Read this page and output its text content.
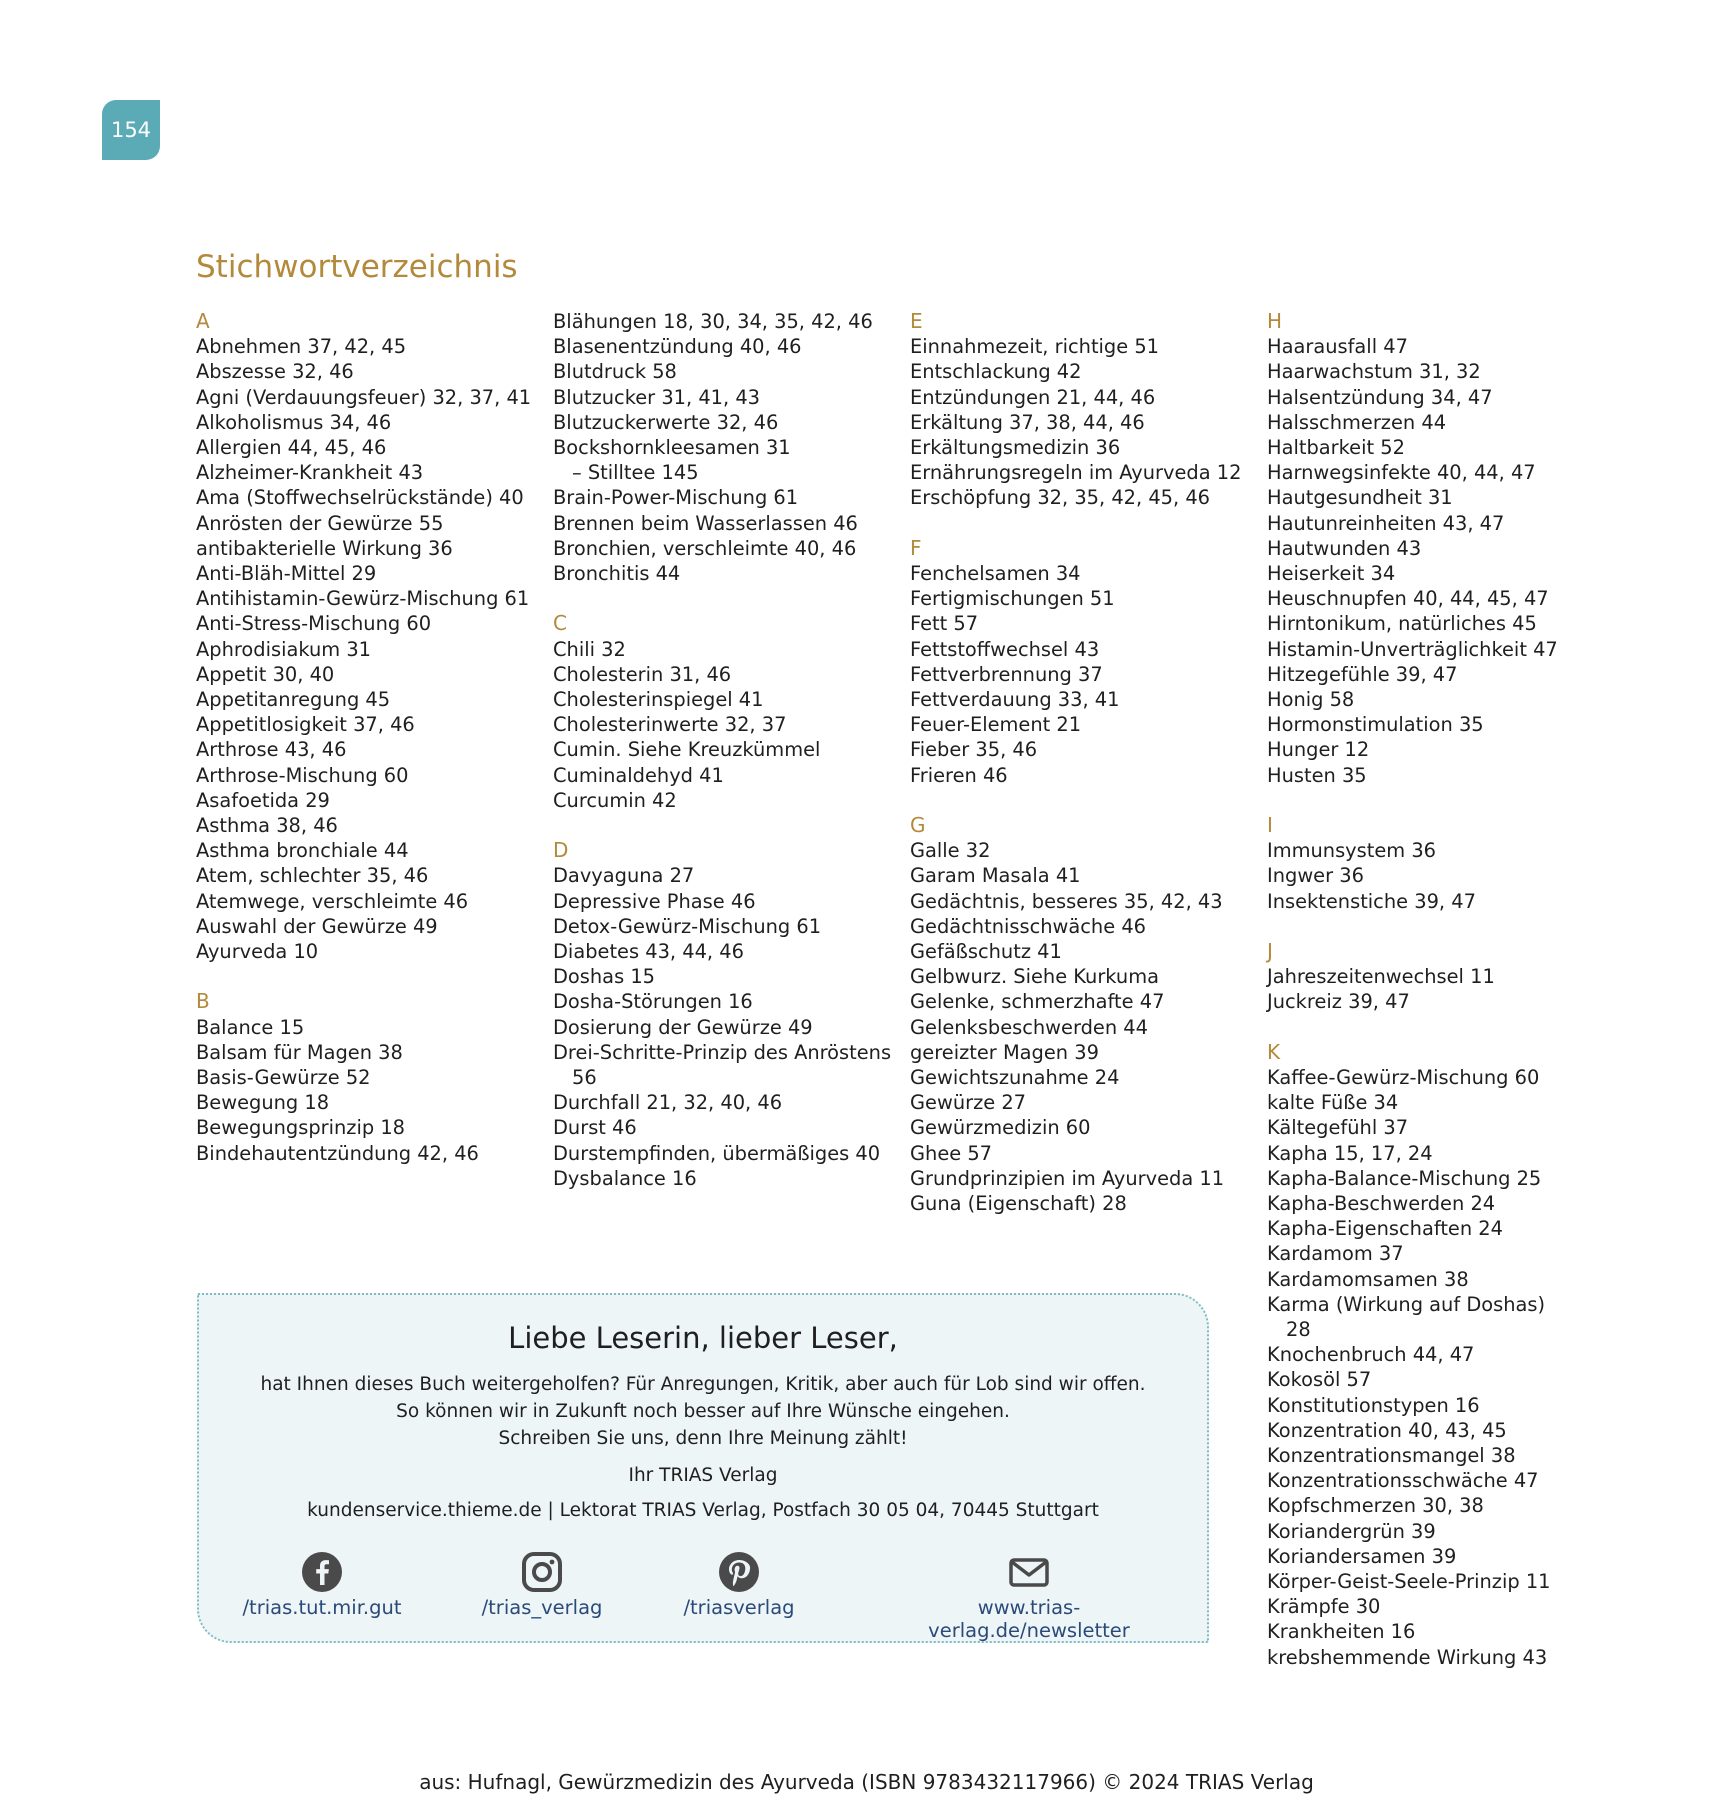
154
Stichwortverzeichnis
A
Abnehmen 37, 42, 45
Abszesse 32, 46
Agni (Verdauungsfeuer) 32, 37, 41
Alkoholismus 34, 46
Allergien 44, 45, 46
Alzheimer-Krankheit 43
Ama (Stoffwechselrückstände) 40
Anrösten der Gewürze 55
antibakterielle Wirkung 36
Anti-Bläh-Mittel 29
Antihistamin-Gewürz-Mischung 61
Anti-Stress-Mischung 60
Aphrodisiakum 31
Appetit 30, 40
Appetitanregung 45
Appetitlosigkeit 37, 46
Arthrose 43, 46
Arthrose-Mischung 60
Asafoetida 29
Asthma 38, 46
Asthma bronchiale 44
Atem, schlechter 35, 46
Atemwege, verschleimte 46
Auswahl der Gewürze 49
Ayurveda 10
B
Balance 15
Balsam für Magen 38
Basis-Gewürze 52
Bewegung 18
Bewegungsprinzip 18
Bindehautentzündung 42, 46
Blähungen 18, 30, 34, 35, 42, 46
Blasenentzündung 40, 46
Blutdruck 58
Blutzucker 31, 41, 43
Blutzuckerwerte 32, 46
Bockshornkleesamen 31
– Stilltee 145
Brain-Power-Mischung 61
Brennen beim Wasserlassen 46
Bronchien, verschleimte 40, 46
Bronchitis 44
C
Chili 32
Cholesterin 31, 46
Cholesterinspiegel 41
Cholesterinwerte 32, 37
Cumin. Siehe Kreuzkümmel
Cuminaldehyd 41
Curcumin 42
D
Davyaguna 27
Depressive Phase 46
Detox-Gewürz-Mischung 61
Diabetes 43, 44, 46
Doshas 15
Dosha-Störungen 16
Dosierung der Gewürze 49
Drei-Schritte-Prinzip des Anröstens 56
Durchfall 21, 32, 40, 46
Durst 46
Durstempfinden, übermäßiges 40
Dysbalance 16
E
Einnahmezeit, richtige 51
Entschlackung 42
Entzündungen 21, 44, 46
Erkältung 37, 38, 44, 46
Erkältungsmedizin 36
Ernährungsregeln im Ayurveda 12
Erschöpfung 32, 35, 42, 45, 46
F
Fenchelsamen 34
Fertigmischungen 51
Fett 57
Fettstoffwechsel 43
Fettverbrennung 37
Fettverdauung 33, 41
Feuer-Element 21
Fieber 35, 46
Frieren 46
G
Galle 32
Garam Masala 41
Gedächtnis, besseres 35, 42, 43
Gedächtnisschwäche 46
Gefäßschutz 41
Gelbwurz. Siehe Kurkuma
Gelenke, schmerzhafte 47
Gelenksbeschwerden 44
gereizter Magen 39
Gewichtszunahme 24
Gewürze 27
Gewürzmedizin 60
Ghee 57
Grundprinzipien im Ayurveda 11
Guna (Eigenschaft) 28
H
Haarausfall 47
Haarwachstum 31, 32
Halsentzündung 34, 47
Halsschmerzen 44
Haltbarkeit 52
Harnwegsinfekte 40, 44, 47
Hautgesundheit 31
Hautunreinheiten 43, 47
Hautwunden 43
Heiserkeit 34
Heuschnupfen 40, 44, 45, 47
Hirntonikum, natürliches 45
Histamin-Unverträglichkeit 47
Hitzegefühle 39, 47
Honig 58
Hormonstimulation 35
Hunger 12
Husten 35
I
Immunsystem 36
Ingwer 36
Insektenstiche 39, 47
J
Jahreszeitenwechsel 11
Juckreiz 39, 47
K
Kaffee-Gewürz-Mischung 60
kalte Füße 34
Kältegefühl 37
Kapha 15, 17, 24
Kapha-Balance-Mischung 25
Kapha-Beschwerden 24
Kapha-Eigenschaften 24
Kardamom 37
Kardamomsamen 38
Karma (Wirkung auf Doshas) 28
Knochenbruch 44, 47
Kokosöl 57
Konstitutionstypen 16
Konzentration 40, 43, 45
Konzentrationsmangel 38
Konzentrationsschwäche 47
Kopfschmerzen 30, 38
Koriandergrün 39
Koriandersamen 39
Körper-Geist-Seele-Prinzip 11
Krämpfe 30
Krankheiten 16
krebshemmende Wirkung 43
Liebe Leserin, lieber Leser,
hat Ihnen dieses Buch weitergeholfen? Für Anregungen, Kritik, aber auch für Lob sind wir offen.
So können wir in Zukunft noch besser auf Ihre Wünsche eingehen.
Schreiben Sie uns, denn Ihre Meinung zählt!
Ihr TRIAS Verlag
kundenservice.thieme.de | Lektorat TRIAS Verlag, Postfach 30 05 04, 70445 Stuttgart
/trias.tut.mir.gut	/trias_verlag	/triasverlag	www.trias-verlag.de/newsletter
aus: Hufnagl, Gewürzmedizin des Ayurveda (ISBN 9783432117966) © 2024 TRIAS Verlag
